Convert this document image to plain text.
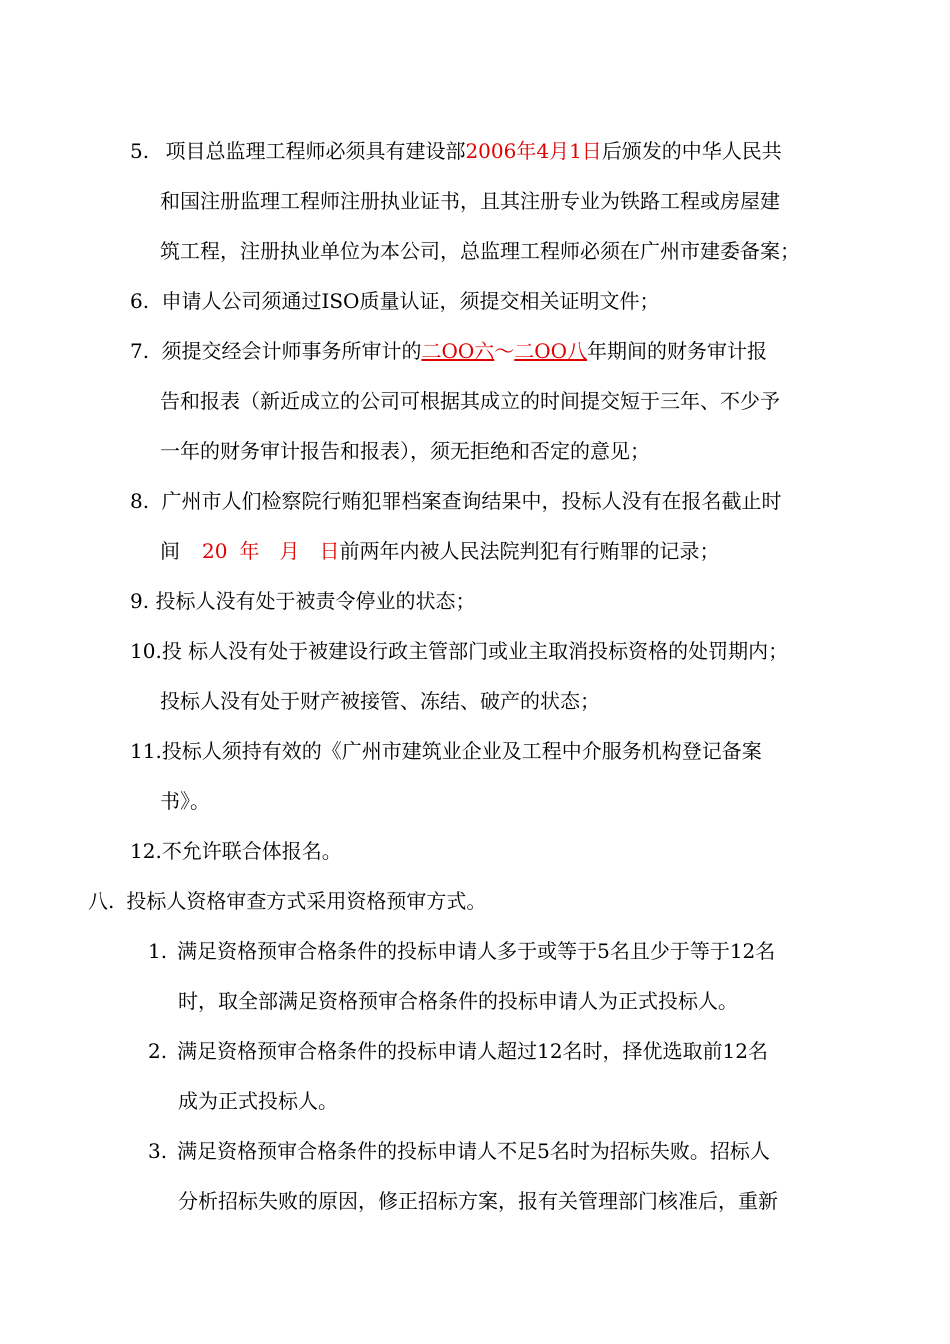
5. 项目总监理工程师必须具有建设部2006年4月1日后颁发的中华人民共
和国注册监理工程师注册执业证书，且其注册专业为铁路工程或房屋建
筑工程，注册执业单位为本公司，总监理工程师必须在广州市建委备案；
6. 申请人公司须通过ISO质量认证，须提交相关证明文件；
7. 须提交经会计师事务所审计的二OO六～二OO八年期间的财务审计报
告和报表（新近成立的公司可根据其成立的时间提交短于三年、不少予
一年的财务审计报告和报表），须无拒绝和否定的意见；
8. 广州市人们检察院行贿犯罪档案查询结果中，投标人没有在报名截止时
间 20 年 月 日前两年内被人民法院判犯有行贿罪的记录；
9. 投标人没有处于被责令停业的状态；
10.投 标人没有处于被建设行政主管部门或业主取消投标资格的处罚期内；
投标人没有处于财产被接管、冻结、破产的状态；
11.投标人须持有效的《广州市建筑业企业及工程中介服务机构登记备案
书》。
12.不允许联合体报名。
八. 投标人资格审查方式采用资格预审方式。
1. 满足资格预审合格条件的投标申请人多于或等于5名且少于等于12名
时，取全部满足资格预审合格条件的投标申请人为正式投标人。
2. 满足资格预审合格条件的投标申请人超过12名时，择优选取前12名
成为正式投标人。
3. 满足资格预审合格条件的投标申请人不足5名时为招标失败。招标人
分析招标失败的原因，修正招标方案，报有关管理部门核准后，重新
